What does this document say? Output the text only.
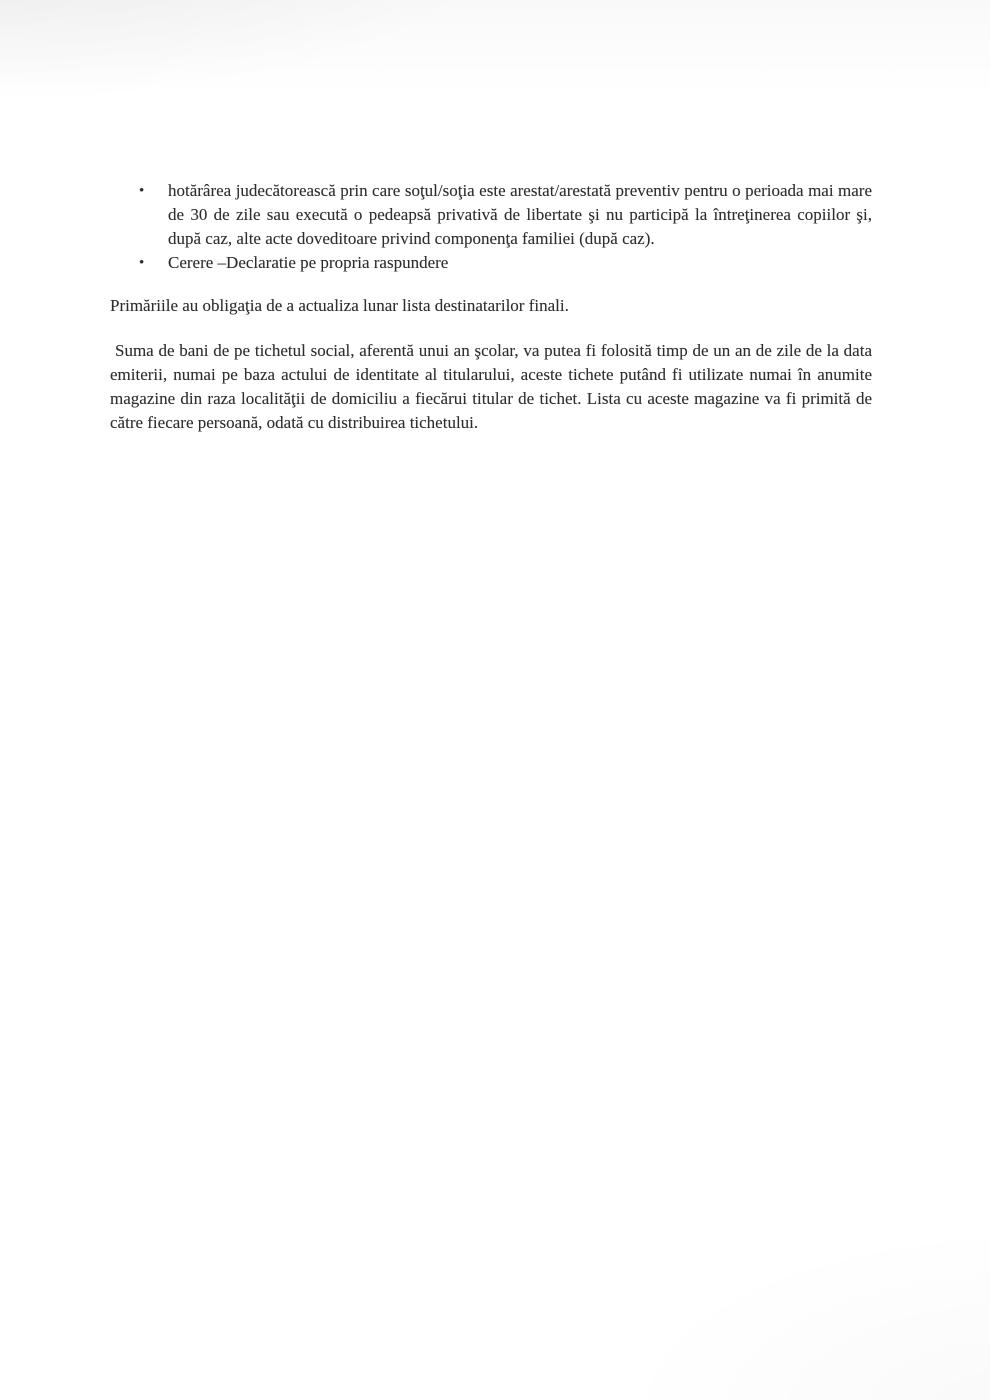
• hotărârea judecătorească prin care soţul/soţia este arestat/arestată preventiv pentru o perioada mai mare de 30 de zile sau execută o pedeapsă privativă de libertate şi nu participă la întreţinerea copiilor şi, după caz, alte acte doveditoare privind componenţa familiei (după caz).
• Cerere –Declaratie pe propria raspundere

Primăriile au obligaţia de a actualiza lunar lista destinatarilor finali.

Suma de bani de pe tichetul social, aferentă unui an şcolar, va putea fi folosită timp de un an de zile de la data emiterii, numai pe baza actului de identitate al titularului, aceste tichete putând fi utilizate numai în anumite magazine din raza localităţii de domiciliu a fiecărui titular de tichet. Lista cu aceste magazine va fi primită de către fiecare persoană, odată cu distribuirea tichetului.
